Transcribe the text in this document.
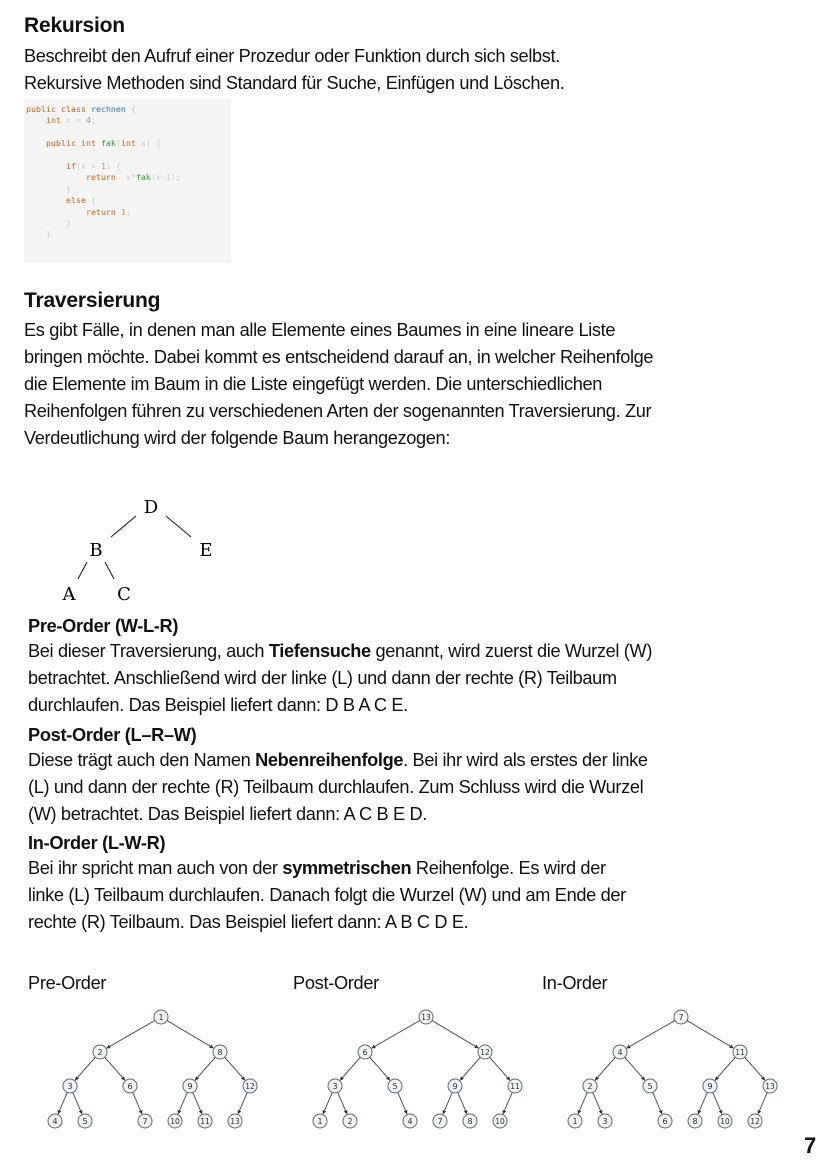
Rekursion
Beschreibt den Aufruf einer Prozedur oder Funktion durch sich selbst.
Rekursive Methoden sind Standard für Suche, Einfügen und Löschen.
public class rechnen {
int x = 4;

public int fak(int x) {

if(x > 1) {
return x*fak(x-1);
}
else {
return 1;
}
}
Traversierung
Es gibt Fälle, in denen man alle Elemente eines Baumes in eine lineare Liste
bringen möchte. Dabei kommt es entscheidend darauf an, in welcher Reihenfolge
die Elemente im Baum in die Liste eingefügt werden. Die unterschiedlichen
Reihenfolgen führen zu verschiedenen Arten der sogenannten Traversierung. Zur
Verdeutlichung wird der folgende Baum herangezogen:
D
B	E
A C
Pre-Order (W-L-R)
Bei dieser Traversierung, auch Tiefensuche genannt, wird zuerst die Wurzel (W)
betrachtet. Anschließend wird der linke (L) und dann der rechte (R) Teilbaum
durchlaufen. Das Beispiel liefert dann: D B A C E.
Post-Order (L–R–W)
Diese trägt auch den Namen Nebenreihenfolge. Bei ihr wird als erstes der linke
(L) und dann der rechte (R) Teilbaum durchlaufen. Zum Schluss wird die Wurzel
(W) betrachtet. Das Beispiel liefert dann: A C B E D.
In-Order (L-W-R)
Bei ihr spricht man auch von der symmetrischen Reihenfolge. Es wird der
linke (L) Teilbaum durchlaufen. Danach folgt die Wurzel (W) und am Ende der
rechte (R) Teilbaum. Das Beispiel liefert dann: A B C D E.
Pre-Order	Post-Order	In-Order
1
2	8
3	6	9	12
4	5	7	10	11	13
13
6	12
3	5	9	11
1	2	4	7	8	10
7
4	11
2	5	9	13
1	3	6	8	10	12
7
